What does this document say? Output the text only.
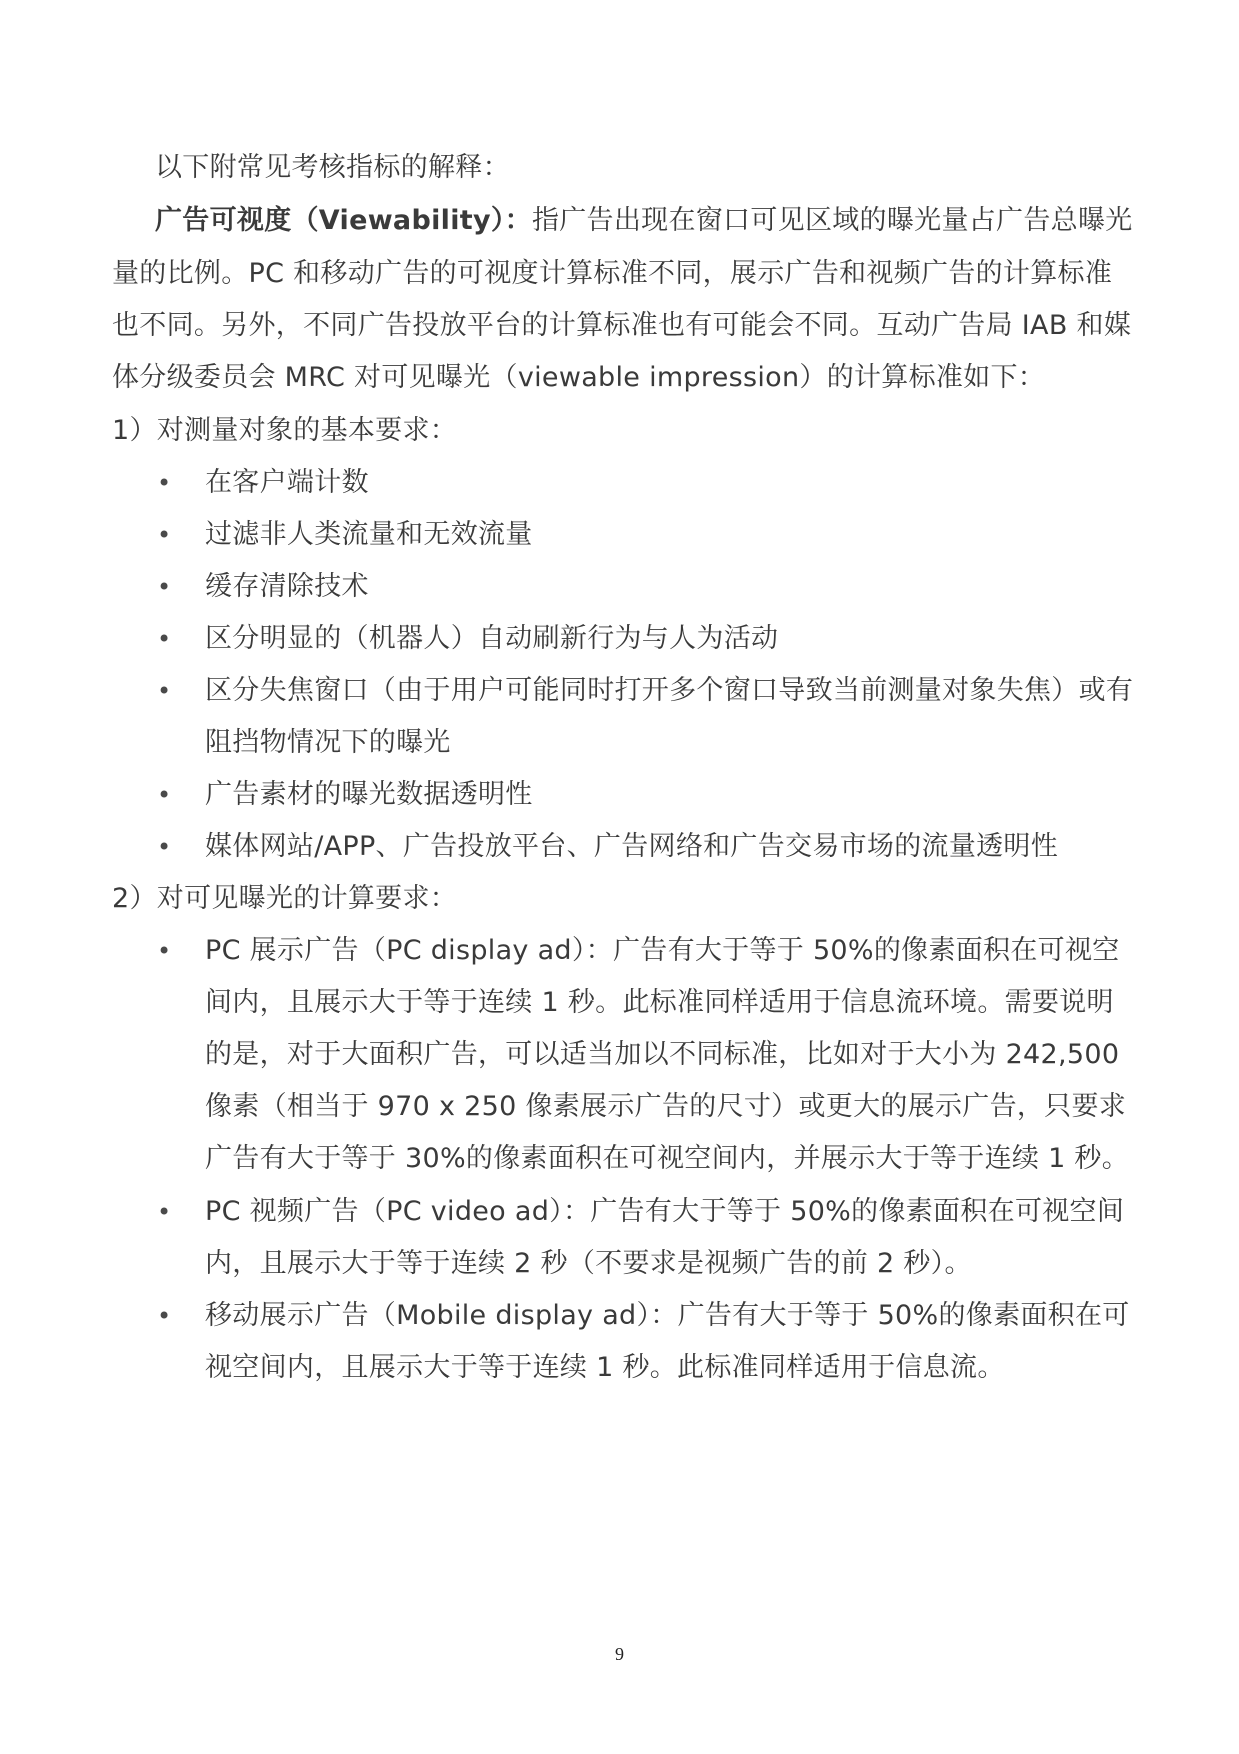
以下附常见考核指标的解释：
广告可视度（Viewability）：指广告出现在窗口可见区域的曝光量占广告总曝光
量的比例。PC 和移动广告的可视度计算标准不同，展示广告和视频广告的计算标准
也不同。另外，不同广告投放平台的计算标准也有可能会不同。互动广告局 IAB 和媒
体分级委员会 MRC 对可见曝光（viewable impression）的计算标准如下：
1）对测量对象的基本要求：
• 在客户端计数
• 过滤非人类流量和无效流量
• 缓存清除技术
• 区分明显的（机器人）自动刷新行为与人为活动
• 区分失焦窗口（由于用户可能同时打开多个窗口导致当前测量对象失焦）或有
阻挡物情况下的曝光
• 广告素材的曝光数据透明性
• 媒体网站/APP、广告投放平台、广告网络和广告交易市场的流量透明性
2）对可见曝光的计算要求：
• PC 展示广告（PC display ad）：广告有大于等于 50%的像素面积在可视空
间内，且展示大于等于连续 1 秒。此标准同样适用于信息流环境。需要说明
的是，对于大面积广告，可以适当加以不同标准，比如对于大小为 242,500
像素（相当于 970 x 250 像素展示广告的尺寸）或更大的展示广告，只要求
广告有大于等于 30%的像素面积在可视空间内，并展示大于等于连续 1 秒。
• PC 视频广告（PC video ad）：广告有大于等于 50%的像素面积在可视空间
内，且展示大于等于连续 2 秒（不要求是视频广告的前 2 秒）。
• 移动展示广告（Mobile display ad）：广告有大于等于 50%的像素面积在可
视空间内，且展示大于等于连续 1 秒。此标准同样适用于信息流。
9
